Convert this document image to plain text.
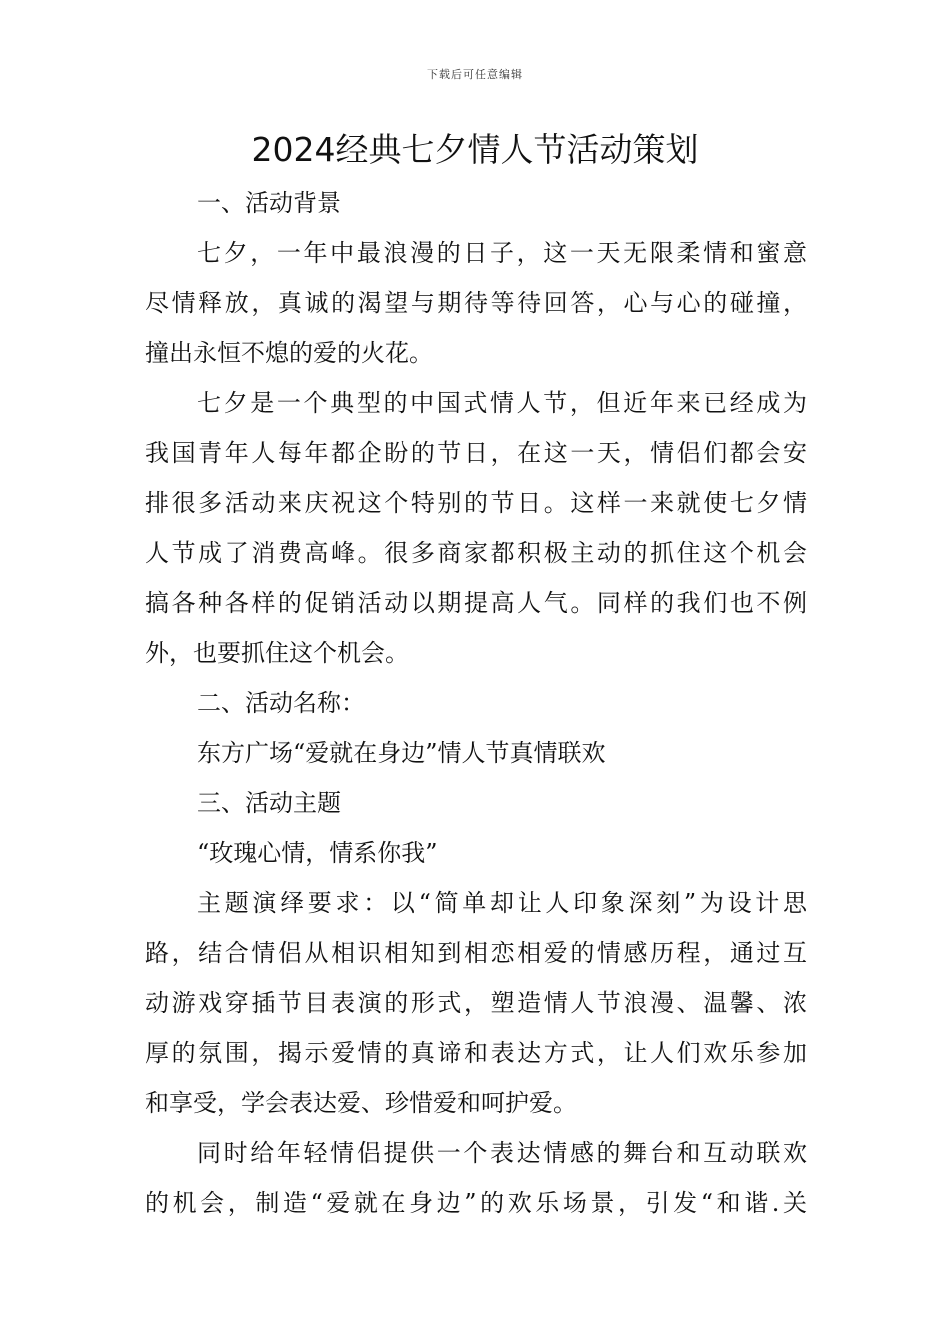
下载后可任意编辑
2024经典七夕情人节活动策划
一、活动背景
七夕，一年中最浪漫的日子，这一天无限柔情和蜜意
尽情释放，真诚的渴望与期待等待回答，心与心的碰撞，
撞出永恒不熄的爱的火花。
七夕是一个典型的中国式情人节，但近年来已经成为
我国青年人每年都企盼的节日，在这一天，情侣们都会安
排很多活动来庆祝这个特别的节日。这样一来就使七夕情
人节成了消费高峰。很多商家都积极主动的抓住这个机会
搞各种各样的促销活动以期提高人气。同样的我们也不例
外，也要抓住这个机会。
二、活动名称：
东方广场“爱就在身边”情人节真情联欢
三、活动主题
“玫瑰心情，情系你我”
主题演绎要求：以“简单却让人印象深刻”为设计思
路，结合情侣从相识相知到相恋相爱的情感历程，通过互
动游戏穿插节目表演的形式，塑造情人节浪漫、温馨、浓
厚的氛围，揭示爱情的真谛和表达方式，让人们欢乐参加
和享受，学会表达爱、珍惜爱和呵护爱。
同时给年轻情侣提供一个表达情感的舞台和互动联欢
的机会，制造“爱就在身边”的欢乐场景，引发“和谐.关
